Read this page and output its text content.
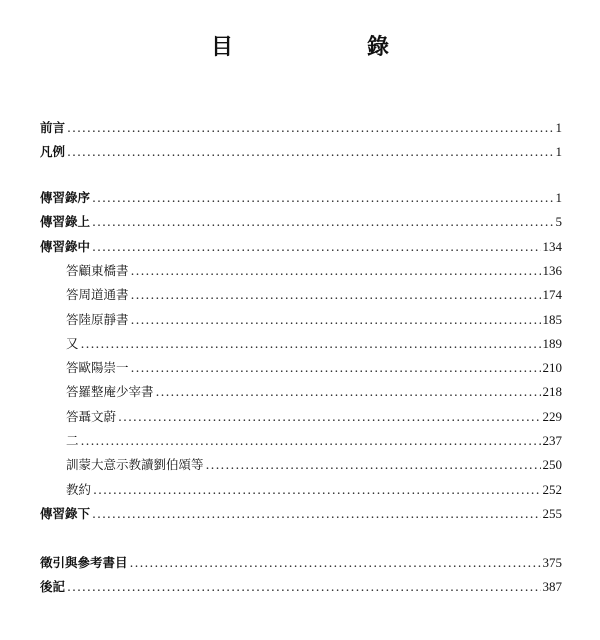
目　　錄
前言 .....	1
凡例 .....	1
傳習錄序 .....	1
傳習錄上 .....	5
傳習錄中 .....	134
答顧東橋書 .....	136
答周道通書 .....	174
答陸原靜書 .....	185
又 .....	189
答歐陽崇一 .....	210
答羅整庵少宰書 .....	218
答聶文蔚 .....	229
二 .....	237
訓蒙大意示教讀劉伯頌等 .....	250
教約 .....	252
傳習錄下 .....	255
徵引與參考書目 .....	375
後記 .....	387
